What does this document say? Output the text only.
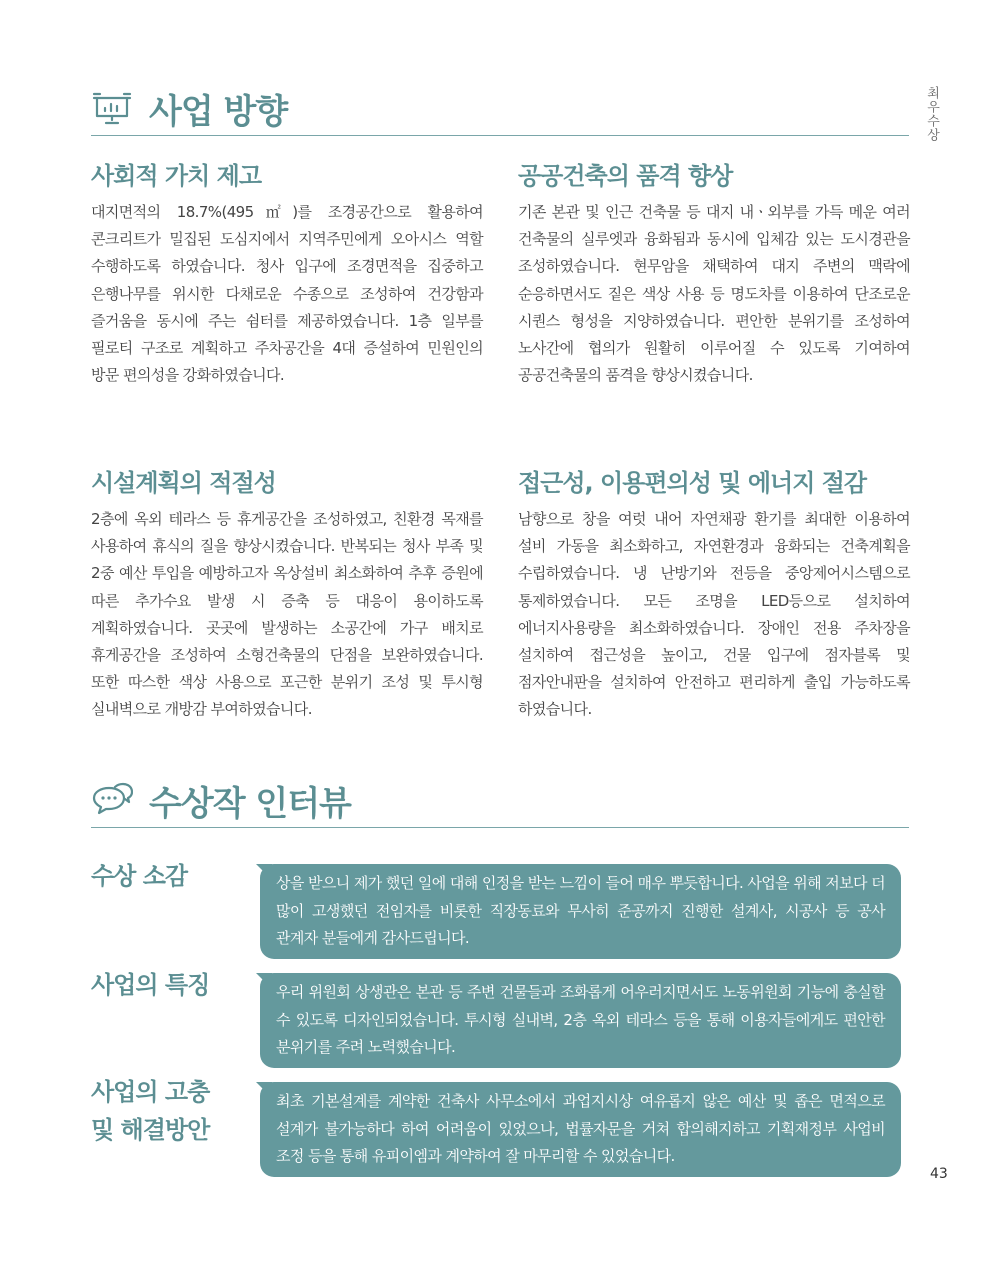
최우수상
사업 방향
사회적 가치 제고
대지면적의 18.7%(495㎡)를 조경공간으로 활용하여 콘크리트가 밀집된 도심지에서 지역주민에게 오아시스 역할 수행하도록 하였습니다. 청사 입구에 조경면적을 집중하고 은행나무를 위시한 다채로운 수종으로 조성하여 건강함과 즐거움을 동시에 주는 쉼터를 제공하였습니다. 1층 일부를 필로티 구조로 계획하고 주차공간을 4대 증설하여 민원인의 방문 편의성을 강화하였습니다.
공공건축의 품격 향상
기존 본관 및 인근 건축물 등 대지 내ㆍ외부를 가득 메운 여러 건축물의 실루엣과 융화됨과 동시에 입체감 있는 도시경관을 조성하였습니다. 현무암을 채택하여 대지 주변의 맥락에 순응하면서도 짙은 색상 사용 등 명도차를 이용하여 단조로운 시퀀스 형성을 지양하였습니다. 편안한 분위기를 조성하여 노사간에 협의가 원활히 이루어질 수 있도록 기여하여 공공건축물의 품격을 향상시켰습니다.
시설계획의 적절성
2층에 옥외 테라스 등 휴게공간을 조성하였고, 친환경 목재를 사용하여 휴식의 질을 향상시켰습니다. 반복되는 청사 부족 및 2중 예산 투입을 예방하고자 옥상설비 최소화하여 추후 증원에 따른 추가수요 발생 시 증축 등 대응이 용이하도록 계획하였습니다. 곳곳에 발생하는 소공간에 가구 배치로 휴게공간을 조성하여 소형건축물의 단점을 보완하였습니다. 또한 따스한 색상 사용으로 포근한 분위기 조성 및 투시형 실내벽으로 개방감 부여하였습니다.
접근성, 이용편의성 및 에너지 절감
남향으로 창을 여럿 내어 자연채광 환기를 최대한 이용하여 설비 가동을 최소화하고, 자연환경과 융화되는 건축계획을 수립하였습니다. 냉 난방기와 전등을 중앙제어시스템으로 통제하였습니다. 모든 조명을 LED등으로 설치하여 에너지사용량을 최소화하였습니다. 장애인 전용 주차장을 설치하여 접근성을 높이고, 건물 입구에 점자블록 및 점자안내판을 설치하여 안전하고 편리하게 출입 가능하도록 하였습니다.
수상작 인터뷰
수상 소감	상을 받으니 제가 했던 일에 대해 인정을 받는 느낌이 들어 매우 뿌듯합니다. 사업을 위해 저보다 더 많이 고생했던 전임자를 비롯한 직장동료와 무사히 준공까지 진행한 설계사, 시공사 등 공사 관계자 분들에게 감사드립니다.
사업의 특징	우리 위원회 상생관은 본관 등 주변 건물들과 조화롭게 어우러지면서도 노동위원회 기능에 충실할 수 있도록 디자인되었습니다. 투시형 실내벽, 2층 옥외 테라스 등을 통해 이용자들에게도 편안한 분위기를 주려 노력했습니다.
사업의 고충 및 해결방안
최초 기본설계를 계약한 건축사 사무소에서 과업지시상 여유롭지 않은 예산 및 좁은 면적으로 설계가 불가능하다 하여 어려움이 있었으나, 법률자문을 거쳐 합의해지하고 기획재정부 사업비 조정 등을 통해 유피이엠과 계약하여 잘 마무리할 수 있었습니다.
43
